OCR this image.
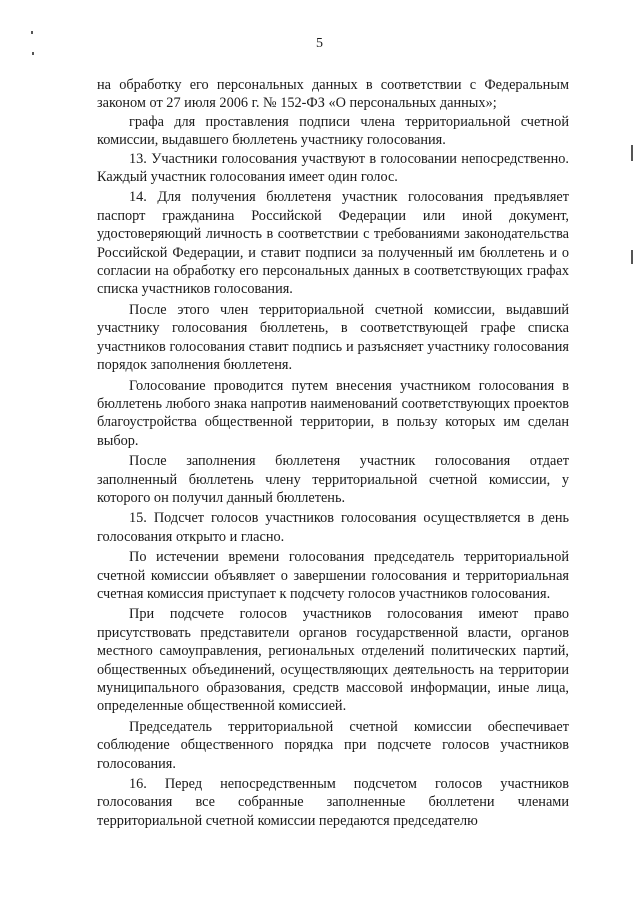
5

на обработку его персональных данных в соответствии с Федеральным законом от 27 июля 2006 г. № 152-ФЗ «О персональных данных»;

графа для проставления подписи члена территориальной счетной комиссии, выдавшего бюллетень участнику голосования.

13. Участники голосования участвуют в голосовании непосредственно. Каждый участник голосования имеет один голос.

14. Для получения бюллетеня участник голосования предъявляет паспорт гражданина Российской Федерации или иной документ, удостоверяющий личность в соответствии с требованиями законодательства Российской Федерации, и ставит подписи за полученный им бюллетень и о согласии на обработку его персональных данных в соответствующих графах списка участников голосования.

После этого член территориальной счетной комиссии, выдавший участнику голосования бюллетень, в соответствующей графе списка участников голосования ставит подпись и разъясняет участнику голосования порядок заполнения бюллетеня.

Голосование проводится путем внесения участником голосования в бюллетень любого знака напротив наименований соответствующих проектов благоустройства общественной территории, в пользу которых им сделан выбор.

После заполнения бюллетеня участник голосования отдает заполненный бюллетень члену территориальной счетной комиссии, у которого он получил данный бюллетень.

15. Подсчет голосов участников голосования осуществляется в день голосования открыто и гласно.

По истечении времени голосования председатель территориальной счетной комиссии объявляет о завершении голосования и территориальная счетная комиссия приступает к подсчету голосов участников голосования.

При подсчете голосов участников голосования имеют право присутствовать представители органов государственной власти, органов местного самоуправления, региональных отделений политических партий, общественных объединений, осуществляющих деятельность на территории муниципального образования, средств массовой информации, иные лица, определенные общественной комиссией.

Председатель территориальной счетной комиссии обеспечивает соблюдение общественного порядка при подсчете голосов участников голосования.

16. Перед непосредственным подсчетом голосов участников голосования все собранные заполненные бюллетени членами территориальной счетной комиссии передаются председателю
